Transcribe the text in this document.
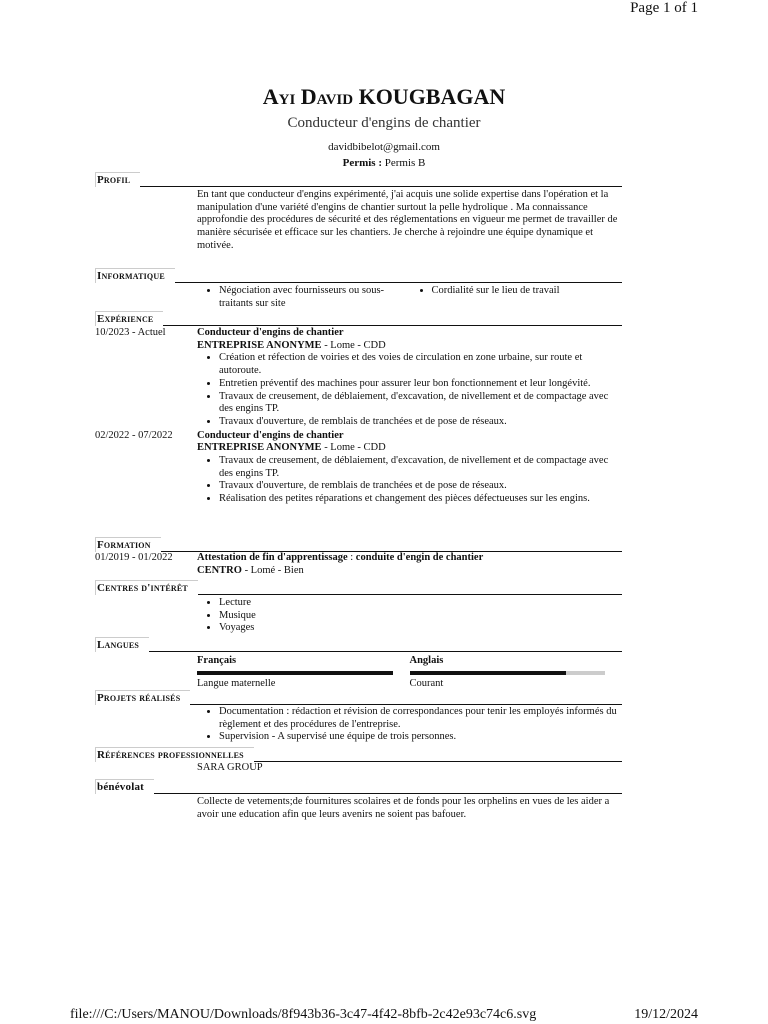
Page 1 of 1
file:///C:/Users/MANOU/Downloads/8f943b36-3c47-4f42-8bfb-2c42e93c74c6.svg	19/12/2024
Ayi David KOUGBAGAN
Conducteur d'engins de chantier
davidbibelot@gmail.com
Permis : Permis B
Profil
En tant que conducteur d'engins expérimenté, j'ai acquis une solide expertise dans l'opération et la manipulation d'une variété d'engins de chantier surtout la pelle hydrolique . Ma connaissance approfondie des procédures de sécurité et des réglementations en vigueur me permet de travailler de manière sécurisée et efficace sur les chantiers. Je cherche à rejoindre une équipe dynamique et motivée.
Informatique
• Négociation avec fournisseurs ou sous-traitants sur site
• Cordialité sur le lieu de travail
Expérience
10/2023 - Actuel	Conducteur d'engins de chantier
ENTREPRISE ANONYME - Lome - CDD
• Création et réfection de voiries et des voies de circulation en zone urbaine, sur route et autoroute.
• Entretien préventif des machines pour assurer leur bon fonctionnement et leur longévité.
• Travaux de creusement, de déblaiement, d'excavation, de nivellement et de compactage avec des engins TP.
• Travaux d'ouverture, de remblais de tranchées et de pose de réseaux.
02/2022 - 07/2022	Conducteur d'engins de chantier
ENTREPRISE ANONYME - Lome - CDD
• Travaux de creusement, de déblaiement, d'excavation, de nivellement et de compactage avec des engins TP.
• Travaux d'ouverture, de remblais de tranchées et de pose de réseaux.
• Réalisation des petites réparations et changement des pièces défectueuses sur les engins.
Formation
01/2019 - 01/2022	Attestation de fin d'apprentissage : conduite d'engin de chantier
CENTRO - Lomé - Bien
Centres d'intérêt
• Lecture
• Musique
• Voyages
Langues
Français
Langue maternelle
Anglais
Courant
Projets réalisés
• Documentation : rédaction et révision de correspondances pour tenir les employés informés du règlement et des procédures de l'entreprise.
• Supervision - A supervisé une équipe de trois personnes.
Références professionnelles
SARA GROUP
bénévolat
Collecte de vetements;de fournitures scolaires et de fonds pour les orphelins en vues de les aider a avoir une education afin que leurs avenirs ne soient pas bafouer.
